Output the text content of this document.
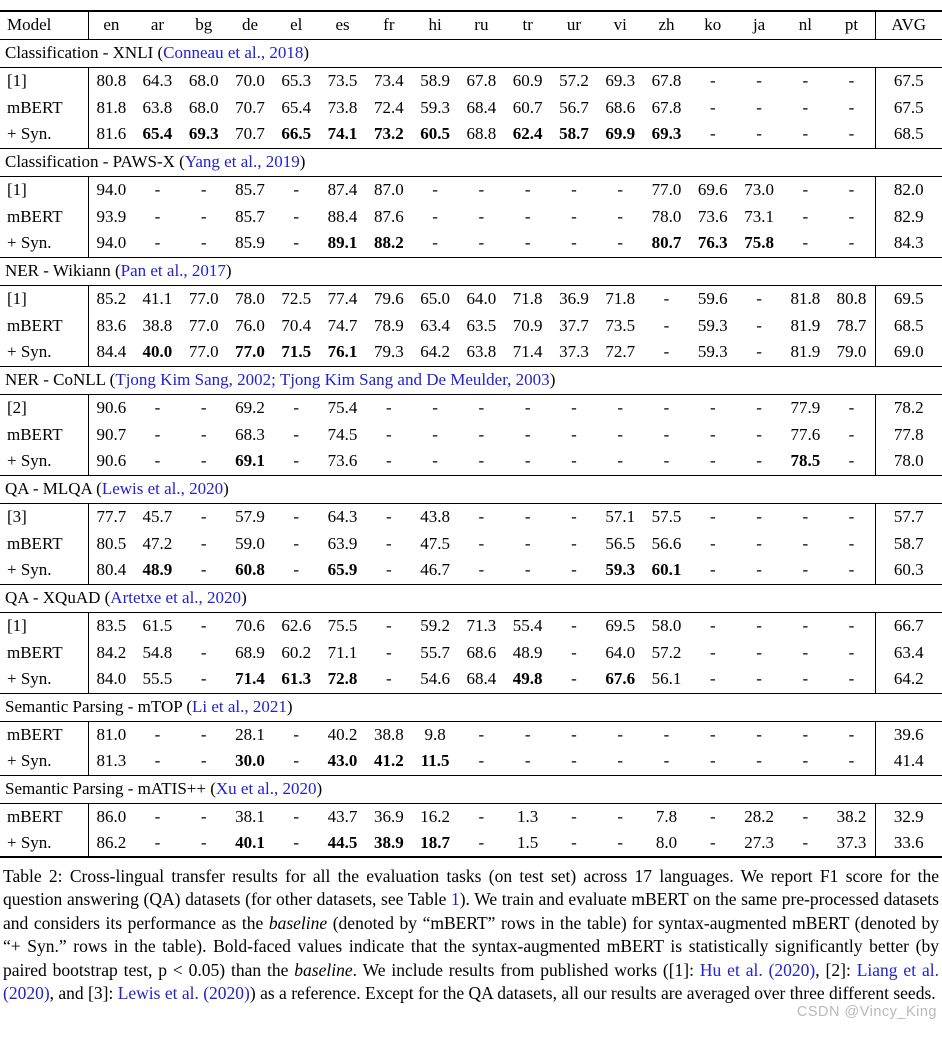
Model	en	ar	bg	de	el	es	fr	hi	ru	tr	ur	vi	zh	ko	ja	nl	pt	AVG
Classification - XNLI (Conneau et al., 2018)																		
[1]	80.8	64.3	68.0	70.0	65.3	73.5	73.4	58.9	67.8	60.9	57.2	69.3	67.8	-	-	-	-	67.5
mBERT	81.8	63.8	68.0	70.7	65.4	73.8	72.4	59.3	68.4	60.7	56.7	68.6	67.8	-	-	-	-	67.5
+ Syn.	81.6	65.4	69.3	70.7	66.5	74.1	73.2	60.5	68.8	62.4	58.7	69.9	69.3	-	-	-	-	68.5
Classification - PAWS-X (Yang et al., 2019)																		
[1]	94.0	-	-	85.7	-	87.4	87.0	-	-	-	-	-	77.0	69.6	73.0	-	-	82.0
mBERT	93.9	-	-	85.7	-	88.4	87.6	-	-	-	-	-	78.0	73.6	73.1	-	-	82.9
+ Syn.	94.0	-	-	85.9	-	89.1	88.2	-	-	-	-	-	80.7	76.3	75.8	-	-	84.3
NER - Wikiann (Pan et al., 2017)																		
[1]	85.2	41.1	77.0	78.0	72.5	77.4	79.6	65.0	64.0	71.8	36.9	71.8	-	59.6	-	81.8	80.8	69.5
mBERT	83.6	38.8	77.0	76.0	70.4	74.7	78.9	63.4	63.5	70.9	37.7	73.5	-	59.3	-	81.9	78.7	68.5
+ Syn.	84.4	40.0	77.0	77.0	71.5	76.1	79.3	64.2	63.8	71.4	37.3	72.7	-	59.3	-	81.9	79.0	69.0
NER - CoNLL (Tjong Kim Sang, 2002; Tjong Kim Sang and De Meulder, 2003)																		
[2]	90.6	-	-	69.2	-	75.4	-	-	-	-	-	-	-	-	-	77.9	-	78.2
mBERT	90.7	-	-	68.3	-	74.5	-	-	-	-	-	-	-	-	-	77.6	-	77.8
+ Syn.	90.6	-	-	69.1	-	73.6	-	-	-	-	-	-	-	-	-	78.5	-	78.0
QA - MLQA (Lewis et al., 2020)																		
[3]	77.7	45.7	-	57.9	-	64.3	-	43.8	-	-	-	57.1	57.5	-	-	-	-	57.7
mBERT	80.5	47.2	-	59.0	-	63.9	-	47.5	-	-	-	56.5	56.6	-	-	-	-	58.7
+ Syn.	80.4	48.9	-	60.8	-	65.9	-	46.7	-	-	-	59.3	60.1	-	-	-	-	60.3
QA - XQuAD (Artetxe et al., 2020)																		
[1]	83.5	61.5	-	70.6	62.6	75.5	-	59.2	71.3	55.4	-	69.5	58.0	-	-	-	-	66.7
mBERT	84.2	54.8	-	68.9	60.2	71.1	-	55.7	68.6	48.9	-	64.0	57.2	-	-	-	-	63.4
+ Syn.	84.0	55.5	-	71.4	61.3	72.8	-	54.6	68.4	49.8	-	67.6	56.1	-	-	-	-	64.2
Semantic Parsing - mTOP (Li et al., 2021)																		
mBERT	81.0	-	-	28.1	-	40.2	38.8	9.8	-	-	-	-	-	-	-	-	-	39.6
+ Syn.	81.3	-	-	30.0	-	43.0	41.2	11.5	-	-	-	-	-	-	-	-	-	41.4
Semantic Parsing - mATIS++ (Xu et al., 2020)																		
mBERT	86.0	-	-	38.1	-	43.7	36.9	16.2	-	1.3	-	-	7.8	-	28.2	-	38.2	32.9
+ Syn.	86.2	-	-	40.1	-	44.5	38.9	18.7	-	1.5	-	-	8.0	-	27.3	-	37.3	33.6

Table 2: Cross-lingual transfer results for all the evaluation tasks (on test set) across 17 languages. We report F1 score for the question answering (QA) datasets (for other datasets, see Table 1). We train and evaluate mBERT on the same pre-processed datasets and considers its performance as the baseline (denoted by “mBERT” rows in the table) for syntax-augmented mBERT (denoted by “+ Syn.” rows in the table). Bold-faced values indicate that the syntax-augmented mBERT is statistically significantly better (by paired bootstrap test, p < 0.05) than the baseline. We include results from published works ([1]: Hu et al. (2020), [2]: Liang et al. (2020), and [3]: Lewis et al. (2020)) as a reference. Except for the QA datasets, all our results are averaged over three different seeds.

CSDN @Vincy_King
